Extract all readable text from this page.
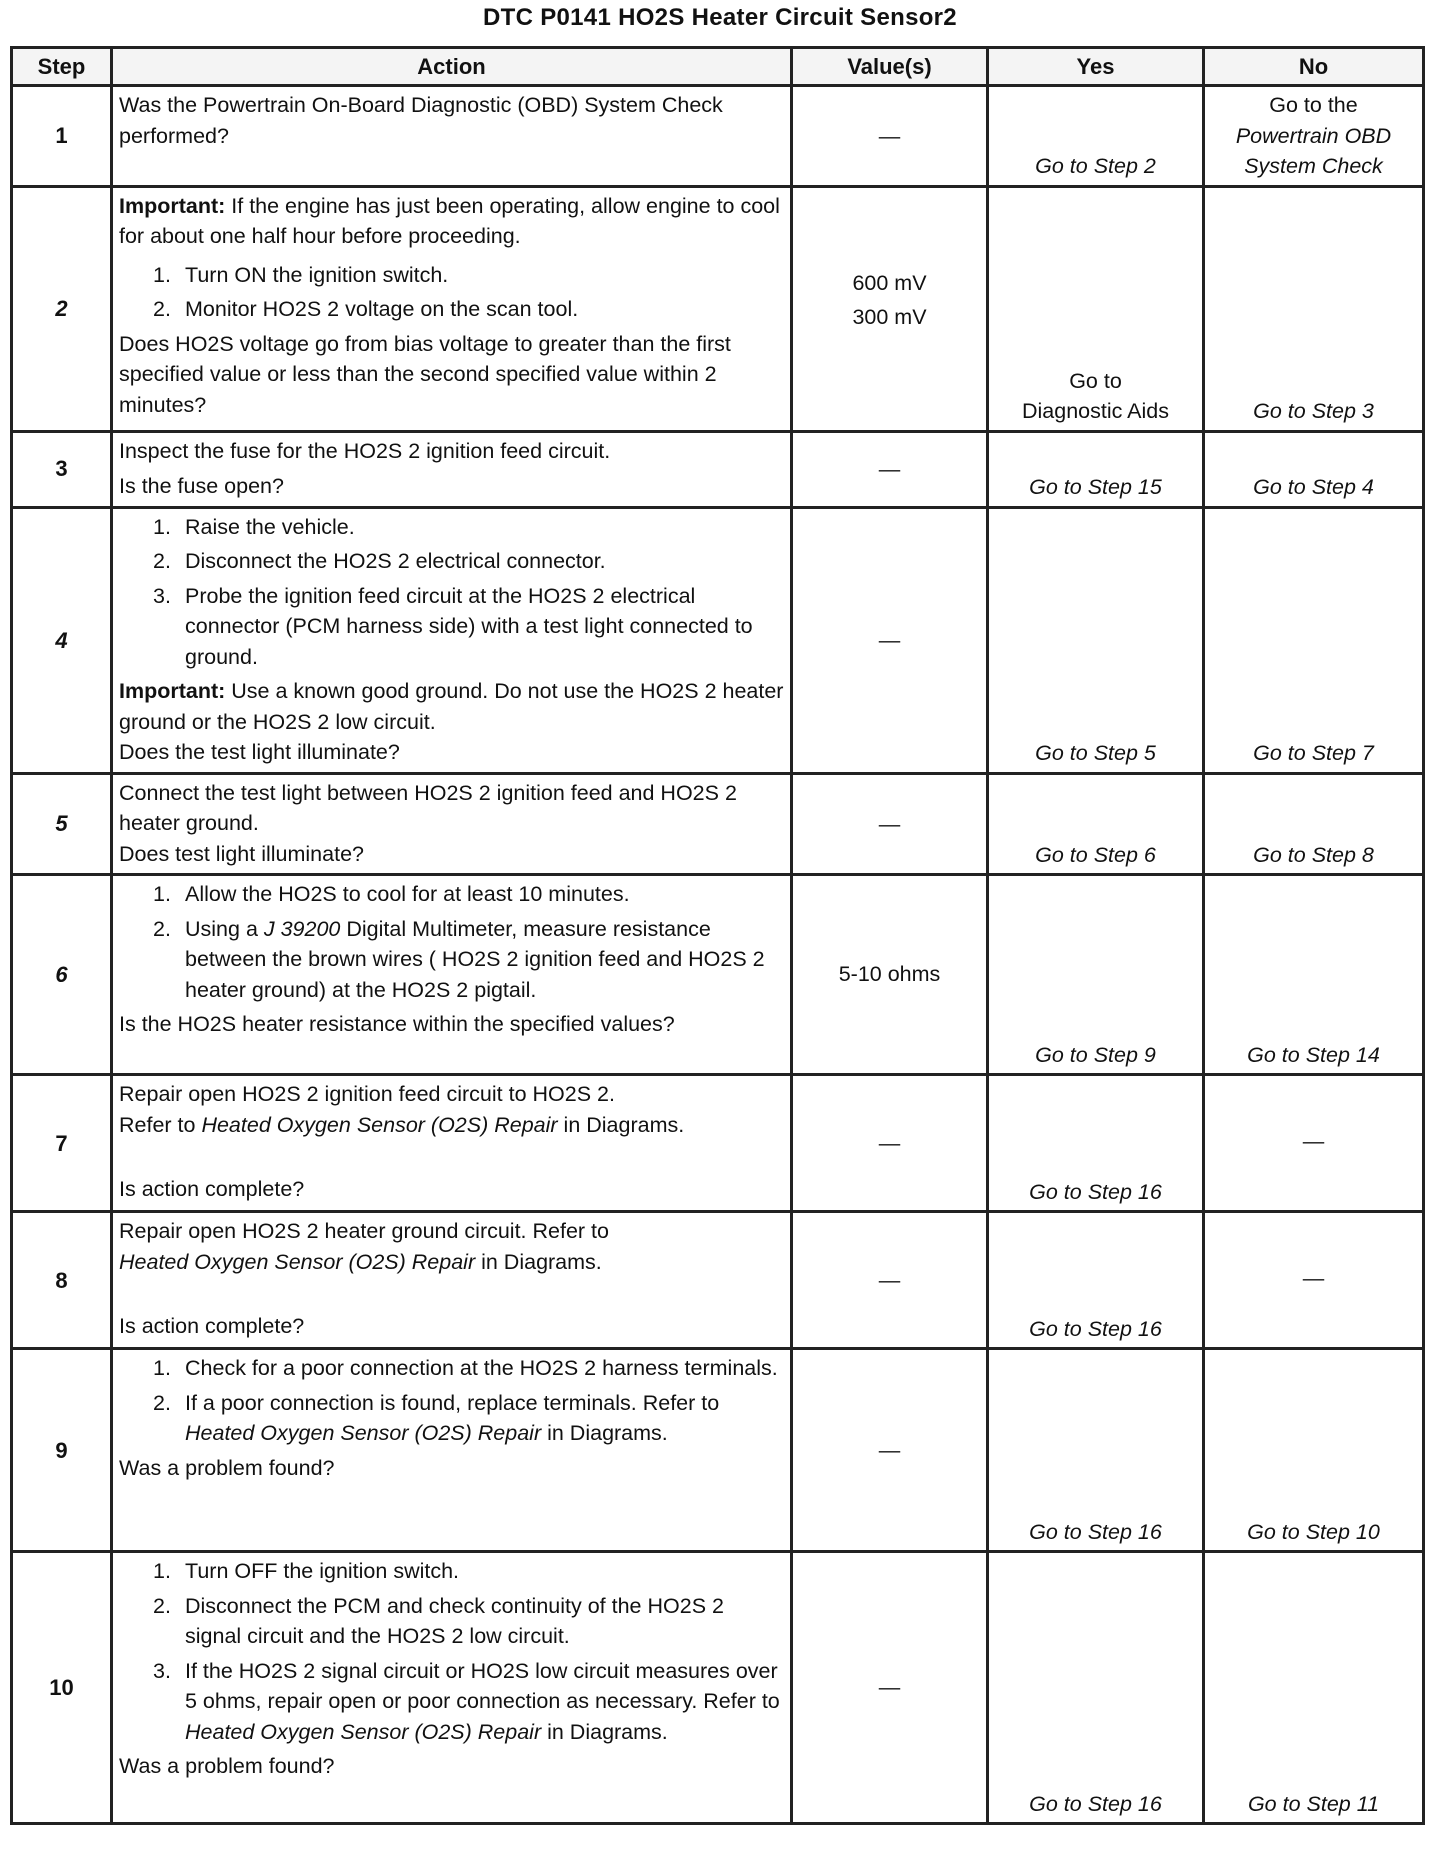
DTC P0141 HO2S Heater Circuit Sensor2
Step	Action	Value(s)	Yes	No
1	Was the Powertrain On-Board Diagnostic (OBD) System Check performed?	—	Go to Step 2	Go to the
Powertrain OBD
System Check

2	Important: If the engine has just been operating, allow engine to cool for about one half hour before proceeding.
1. Turn ON the ignition switch.
2. Monitor HO2S 2 voltage on the scan tool.
Does HO2S voltage go from bias voltage to greater than the first specified value or less than the second specified value within 2 minutes?	600 mV
300 mV	Go to
Diagnostic Aids	Go to Step 3
3	Inspect the fuse for the HO2S 2 ignition feed circuit.
Is the fuse open?	—	Go to Step 15	Go to Step 4
4	1. Raise the vehicle.
2. Disconnect the HO2S 2 electrical connector.
3. Probe the ignition feed circuit at the HO2S 2 electrical connector (PCM harness side) with a test light connected to ground.
Important: Use a known good ground. Do not use the HO2S 2 heater ground or the HO2S 2 low circuit.
Does the test light illuminate?	—	Go to Step 5	Go to Step 7
5	Connect the test light between HO2S 2 ignition feed and HO2S 2 heater ground.
Does test light illuminate?	—	Go to Step 6	Go to Step 8
6	1. Allow the HO2S to cool for at least 10 minutes.
2. Using a J 39200 Digital Multimeter, measure resistance between the brown wires ( HO2S 2 ignition feed and HO2S 2 heater ground) at the HO2S 2 pigtail.
Is the HO2S heater resistance within the specified values?	5-10 ohms	Go to Step 9	Go to Step 14
7	Repair open HO2S 2 ignition feed circuit to HO2S 2.
Refer to Heated Oxygen Sensor (O2S) Repair in Diagrams.
Is action complete?	—	Go to Step 16	—
8	Repair open HO2S 2 heater ground circuit. Refer to
Heated Oxygen Sensor (O2S) Repair in Diagrams.
Is action complete?	—	Go to Step 16	—
9	1. Check for a poor connection at the HO2S 2 harness terminals.
2. If a poor connection is found, replace terminals. Refer to Heated Oxygen Sensor (O2S) Repair in Diagrams.
Was a problem found?	—	Go to Step 16	Go to Step 10
10	1. Turn OFF the ignition switch.
2. Disconnect the PCM and check continuity of the HO2S 2 signal circuit and the HO2S 2 low circuit.
3. If the HO2S 2 signal circuit or HO2S low circuit measures over 5 ohms, repair open or poor connection as necessary. Refer to Heated Oxygen Sensor (O2S) Repair in Diagrams.
Was a problem found?	—	Go to Step 16	Go to Step 11
